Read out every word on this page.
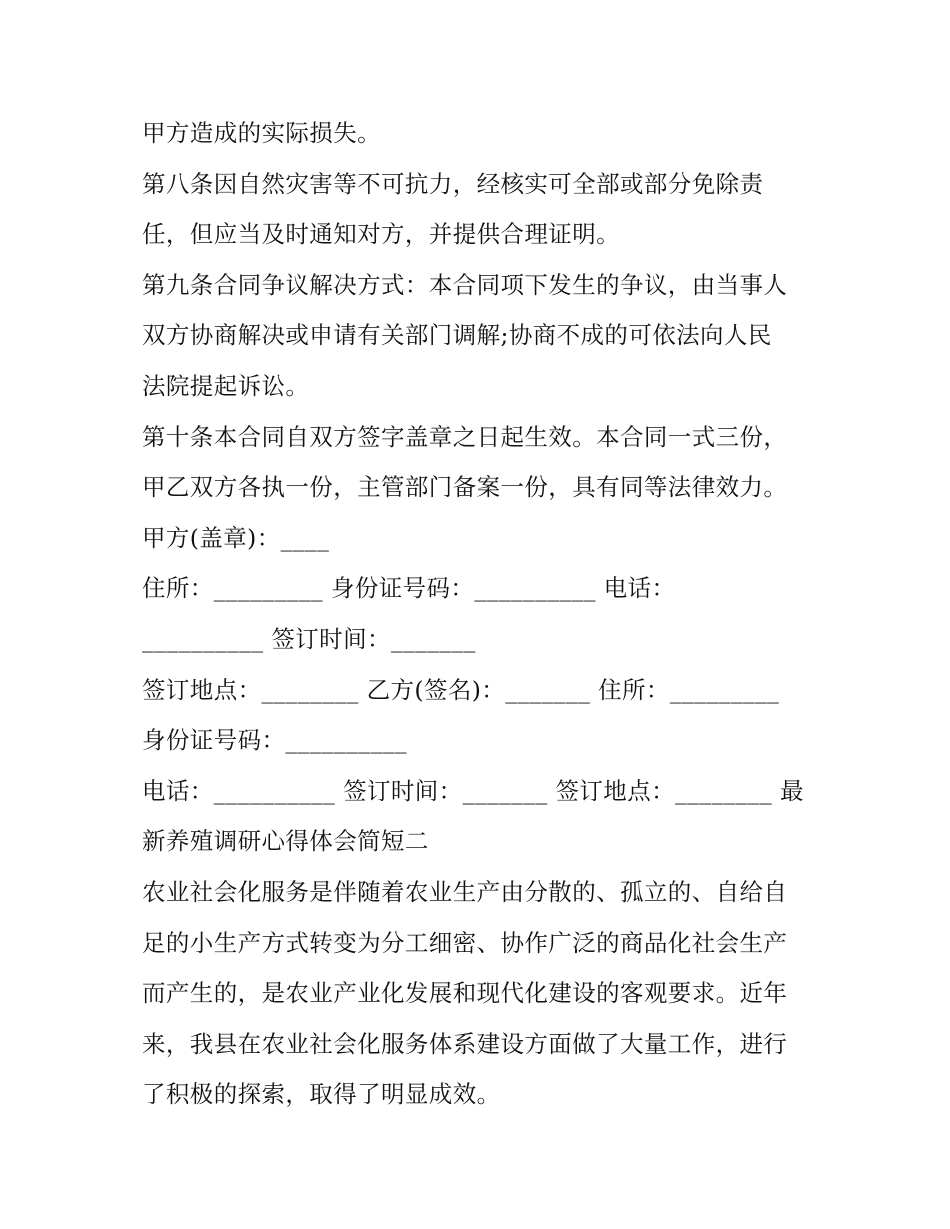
甲方造成的实际损失。
第八条因自然灾害等不可抗力，经核实可全部或部分免除责
任，但应当及时通知对方，并提供合理证明。
第九条合同争议解决方式：本合同项下发生的争议，由当事人
双方协商解决或申请有关部门调解;协商不成的可依法向人民
法院提起诉讼。
第十条本合同自双方签字盖章之日起生效。本合同一式三份，
甲乙双方各执一份，主管部门备案一份，具有同等法律效力。
甲方(盖章)：____
住所：_________ 身份证号码：__________ 电话：
__________ 签订时间：_______
签订地点：________ 乙方(签名)：_______ 住所：_________
身份证号码：__________
电话：__________ 签订时间：_______ 签订地点：________ 最
新养殖调研心得体会简短二
农业社会化服务是伴随着农业生产由分散的、孤立的、自给自
足的小生产方式转变为分工细密、协作广泛的商品化社会生产
而产生的，是农业产业化发展和现代化建设的客观要求。近年
来，我县在农业社会化服务体系建设方面做了大量工作，进行
了积极的探索，取得了明显成效。
